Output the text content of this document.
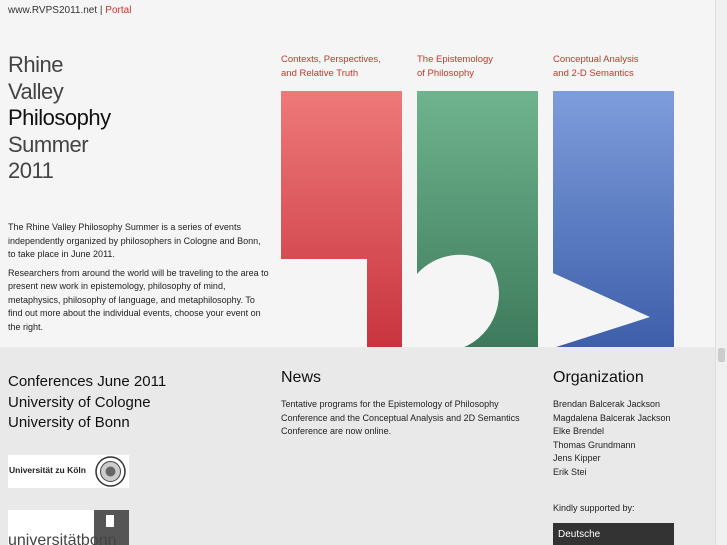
www.RVPS2011.net | Portal
Rhine
Valley
Philosophy
Summer
2011

The Rhine Valley Philosophy Summer is a series of events independently organized by philosophers in Cologne and Bonn, to take place in June 2011.

Researchers from around the world will be traveling to the area to present new work in epistemology, philosophy of mind, metaphysics, philosophy of language, and metaphilosophy. To find out more about the individual events, choose your event on the right.

Contexts, Perspectives,
and Relative Truth
The Epistemology
of Philosophy
Conceptual Analysis
and 2-D Semantics
Conferences June 2011
University of Cologne
University of Bonn
Universität zu Köln
universitätbonn
News
Tentative programs for the Epistemology of Philosophy Conference and the Conceptual Analysis and 2D Semantics Conference are now online.
Organization
Brendan Balcerak Jackson
Magdalena Balcerak Jackson
Elke Brendel
Thomas Grundmann
Jens Kipper
Erik Stei
Kindly supported by:
Deutsche
